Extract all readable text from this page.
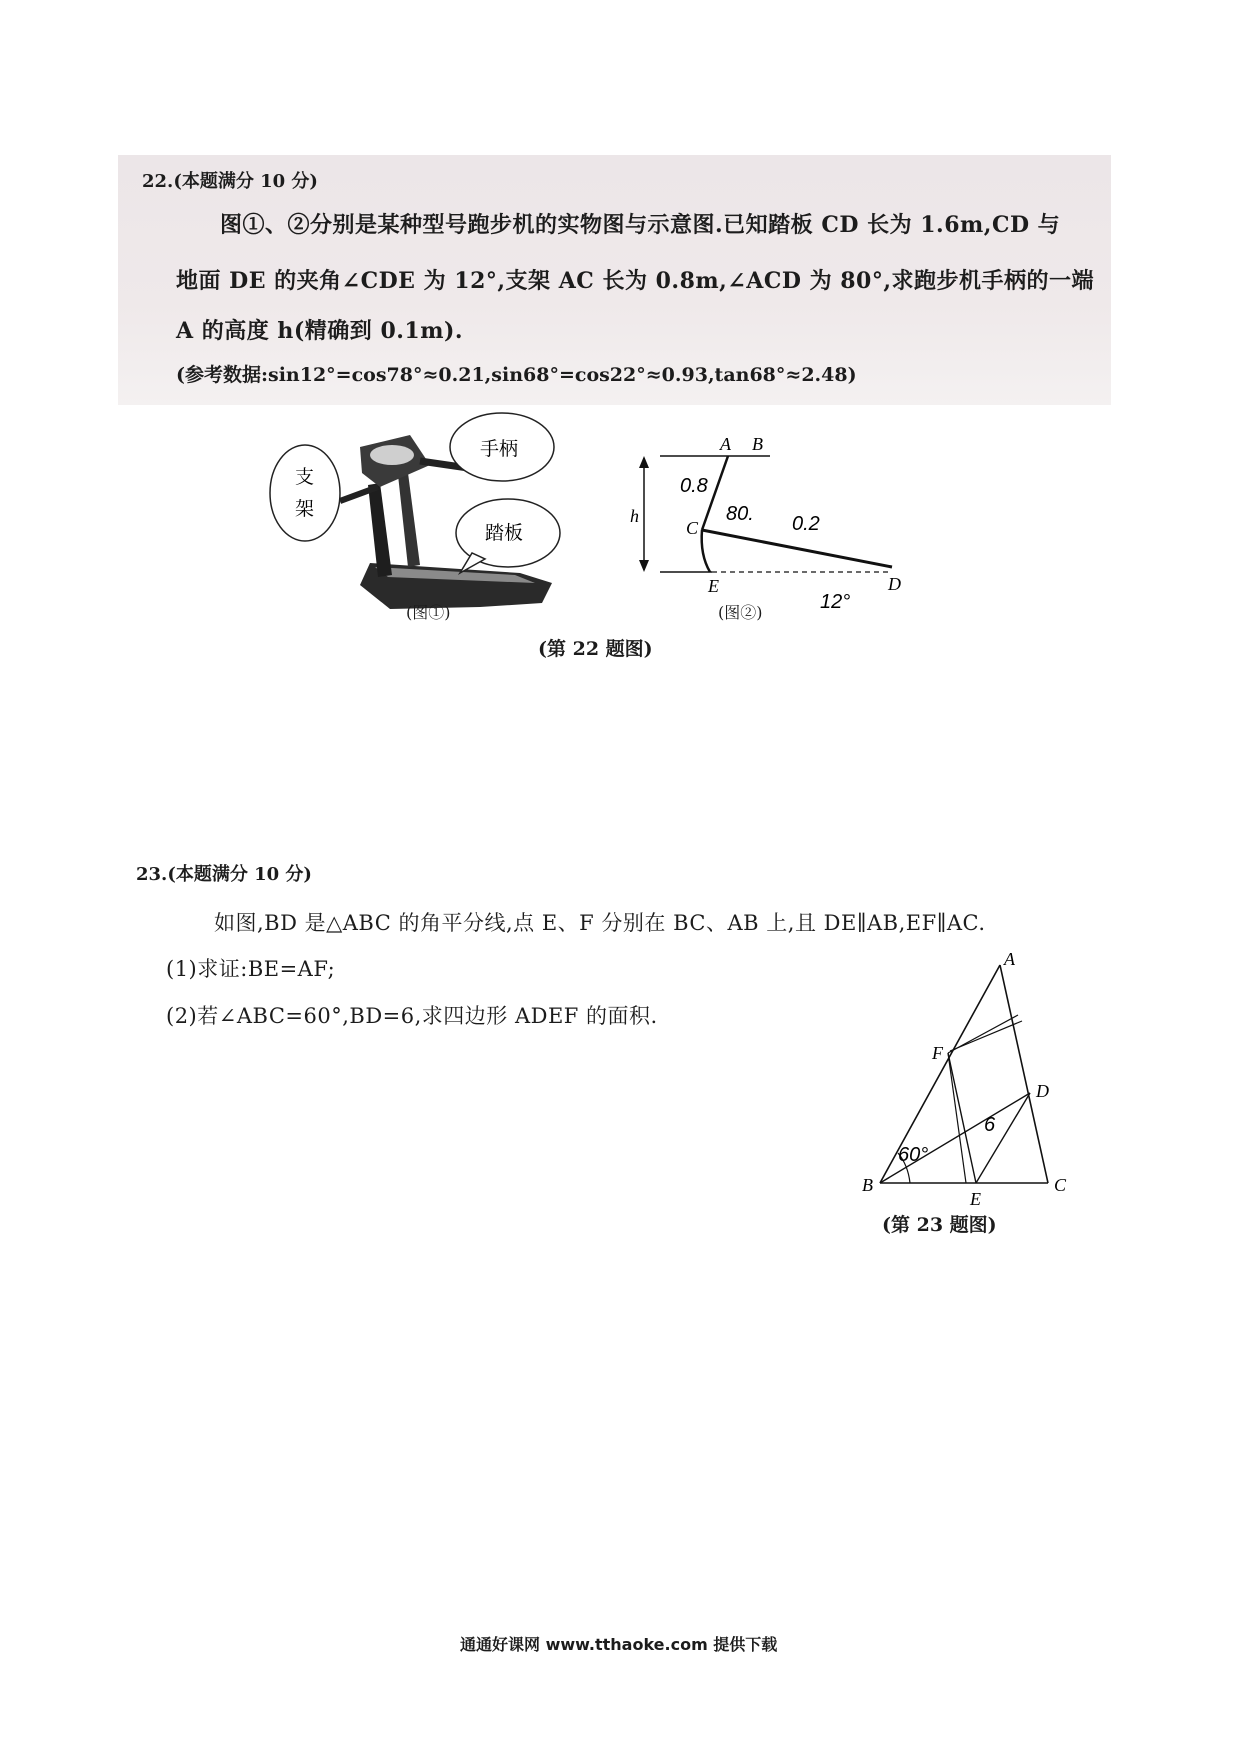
22.(本题满分 10 分)
图①、②分别是某种型号跑步机的实物图与示意图.已知踏板 CD 长为 1.6m,CD 与
地面 DE 的夹角∠CDE 为 12°,支架 AC 长为 0.8m,∠ACD 为 80°,求跑步机手柄的一端
A 的高度 h(精确到 0.1m).
(参考数据:sin12°=cos78°≈0.21,sin68°=cos22°≈0.93,tan68°≈2.48)
手柄
支
架
踏板
(图①)
h
A B
C
E	D
0.8
80. 0.2
12°
(图②)
(第 22 题图)
23.(本题满分 10 分)
如图,BD 是△ABC 的角平分线,点 E、F 分别在 BC、AB 上,且 DE∥AB,EF∥AC.
(1)求证:BE=AF;
(2)若∠ABC=60°,BD=6,求四边形 ADEF 的面积.
A
B	C
D
E
F
60°
6
(第 23 题图)
通通好课网 www.tthaoke.com 提供下载
